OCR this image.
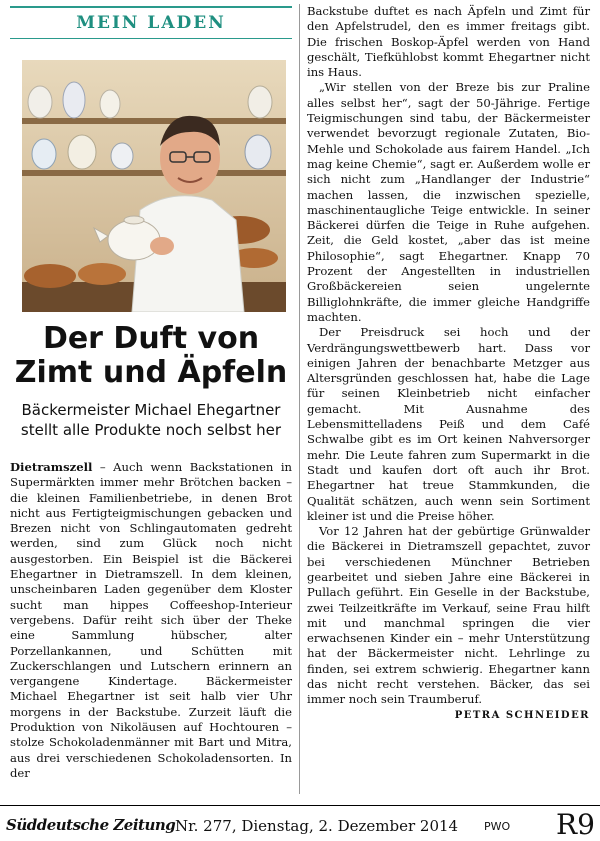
MEIN LADEN
Der Duft von Zimt und Äpfeln
Bäckermeister Michael Ehegartner stellt alle Produkte noch selbst her
Dietramszell – Auch wenn Backstationen in Supermärkten immer mehr Brötchen backen – die kleinen Familienbetriebe, in denen Brot nicht aus Fertigteigmischungen gebacken und Brezen nicht von Schlingautomaten gedreht werden, sind zum Glück noch nicht ausgestorben. Ein Beispiel ist die Bäckerei Ehegartner in Dietramszell. In dem kleinen, unscheinbaren Laden gegenüber dem Kloster sucht man hippes Coffeeshop-Interieur vergebens. Dafür reiht sich über der Theke eine Sammlung hübscher, alter Porzellankannen, und Schütten mit Zuckerschlangen und Lutschern erinnern an vergangene Kindertage. Bäckermeister Michael Ehegartner ist seit halb vier Uhr morgens in der Backstube. Zurzeit läuft die Produktion von Nikoläusen auf Hochtouren – stolze Schokoladenmänner mit Bart und Mitra, aus drei verschiedenen Schokoladensorten. In der

Backstube duftet es nach Äpfeln und Zimt für den Apfelstrudel, den es immer freitags gibt. Die frischen Boskop-Äpfel werden von Hand geschält, Tiefkühlobst kommt Ehegartner nicht ins Haus.

„Wir stellen von der Breze bis zur Praline alles selbst her“, sagt der 50-Jährige. Fertige Teigmischungen sind tabu, der Bäckermeister verwendet bevorzugt regionale Zutaten, Bio-Mehle und Schokolade aus fairem Handel. „Ich mag keine Chemie“, sagt er. Außerdem wolle er sich nicht zum „Handlanger der Industrie“ machen lassen, die inzwischen spezielle, maschinentaugliche Teige entwickle. In seiner Bäckerei dürfen die Teige in Ruhe aufgehen. Zeit, die Geld kostet, „aber das ist meine Philosophie“, sagt Ehegartner. Knapp 70 Prozent der Angestellten in industriellen Großbäckereien seien ungelernte Billiglohnkräfte, die immer gleiche Handgriffe machten.

Der Preisdruck sei hoch und der Verdrängungswettbewerb hart. Dass vor einigen Jahren der benachbarte Metzger aus Altersgründen geschlossen hat, habe die Lage für seinen Kleinbetrieb nicht einfacher gemacht. Mit Ausnahme des Lebensmittelladens Peiß und dem Café Schwalbe gibt es im Ort keinen Nahversorger mehr. Die Leute fahren zum Supermarkt in die Stadt und kaufen dort oft auch ihr Brot. Ehegartner hat treue Stammkunden, die Qualität schätzen, auch wenn sein Sortiment kleiner ist und die Preise höher.

Vor 12 Jahren hat der gebürtige Grünwalder die Bäckerei in Dietramszell gepachtet, zuvor bei verschiedenen Münchner Betrieben gearbeitet und sieben Jahre eine Bäckerei in Pullach geführt. Ein Geselle in der Backstube, zwei Teilzeitkräfte im Verkauf, seine Frau hilft mit und manchmal springen die vier erwachsenen Kinder ein – mehr Unterstützung hat der Bäckermeister nicht. Lehrlinge zu finden, sei extrem schwierig. Ehegartner kann das nicht recht verstehen. Bäcker, das sei immer noch sein Traumberuf.
PETRA SCHNEIDER

Süddeutsche Zeitung Nr. 277, Dienstag, 2. Dezember 2014 PWO R9
